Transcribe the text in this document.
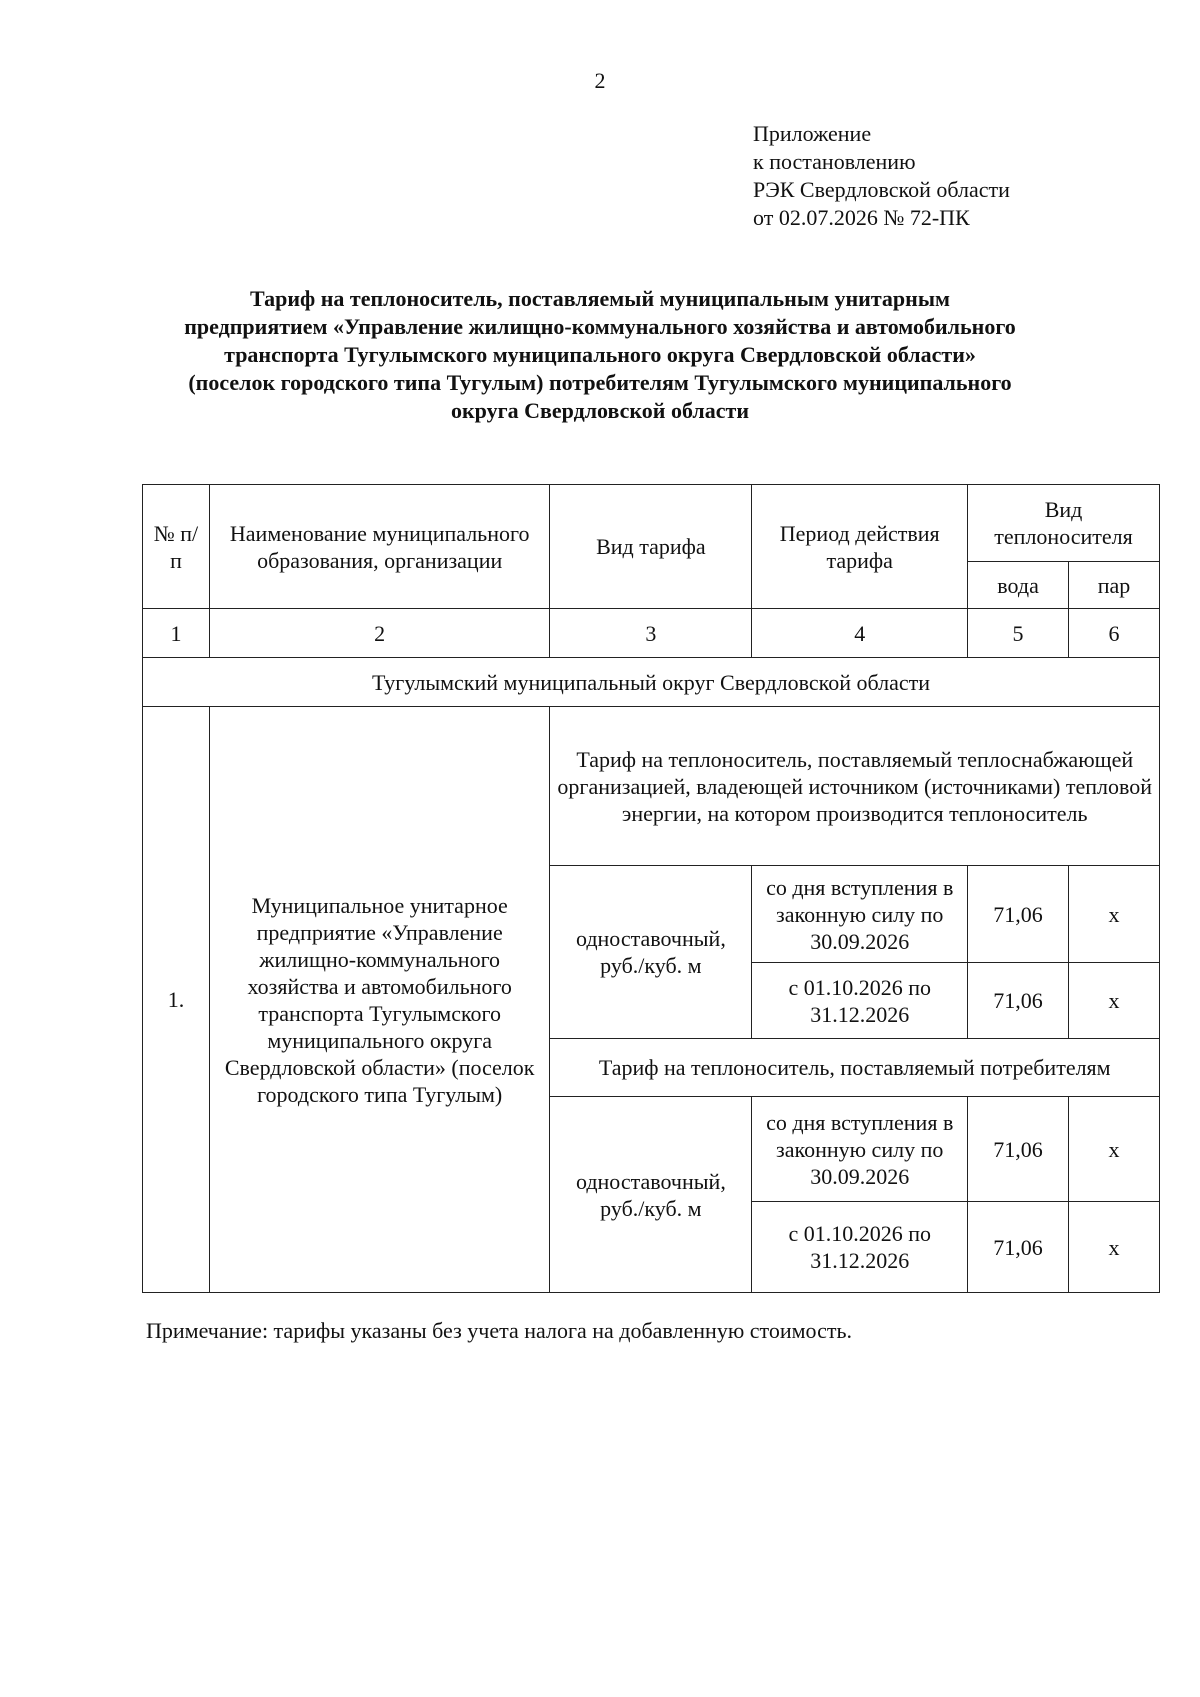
2
Приложение
к постановлению
РЭК Свердловской области
от 02.07.2026 № 72-ПК
Тариф на теплоноситель, поставляемый муниципальным унитарным
предприятием «Управление жилищно-коммунального хозяйства и автомобильного
транспорта Тугулымского муниципального округа Свердловской области»
(поселок городского типа Тугулым) потребителям Тугулымского муниципального
округа Свердловской области
№ п/п	Наименование муниципального образования, организации	Вид тарифа	Период действия тарифа	Вид теплоносителя	
				вода	пар
1	2	3	4	5	6
Тугулымский муниципальный округ Свердловской области					
1.	Муниципальное унитарное предприятие «Управление жилищно-коммунального хозяйства и автомобильного транспорта Тугулымского муниципального округа Свердловской области» (поселок городского типа Тугулым)	Тариф на теплоноситель, поставляемый теплоснабжающей организацией, владеющей источником (источниками) тепловой энергии, на котором производится теплоноситель			
		одноставочный, руб./куб. м	со дня вступления в законную силу по 30.09.2026	71,06	х
			с 01.10.2026 по 31.12.2026	71,06	х
		Тариф на теплоноситель, поставляемый потребителям			
		одноставочный, руб./куб. м	со дня вступления в законную силу по 30.09.2026	71,06	х
			с 01.10.2026 по 31.12.2026	71,06	х
Примечание: тарифы указаны без учета налога на добавленную стоимость.
